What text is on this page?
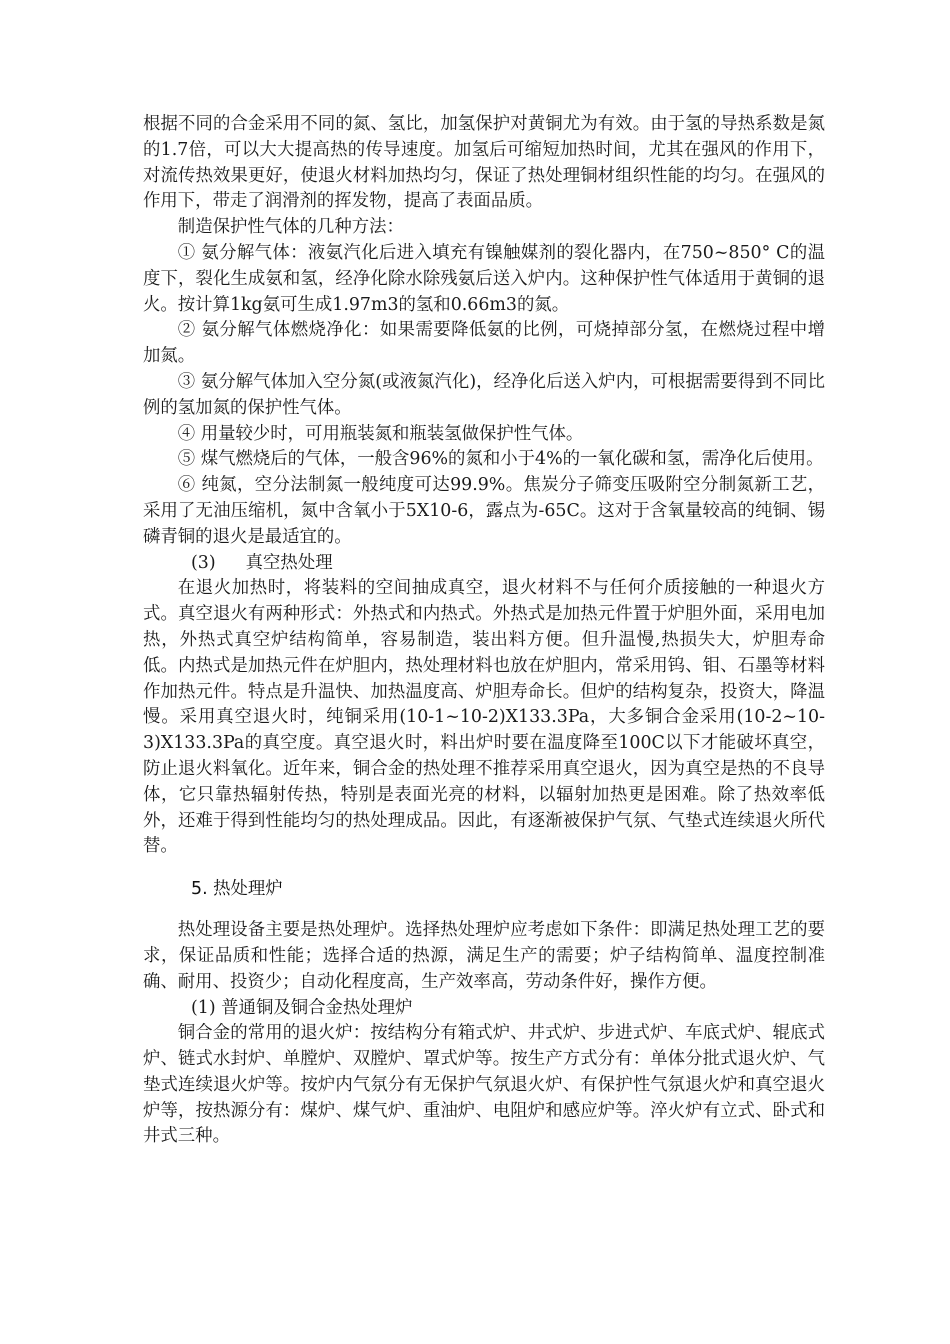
根据不同的合金采用不同的氮、氢比，加氢保护对黄铜尤为有效。由于氢的导热系数是氮的1.7倍，可以大大提高热的传导速度。加氢后可缩短加热时间，尤其在强风的作用下，对流传热效果更好，使退火材料加热均匀，保证了热处理铜材组织性能的均匀。在强风的作用下，带走了润滑剂的挥发物，提高了表面品质。

制造保护性气体的几种方法：

① 氨分解气体：液氨汽化后进入填充有镍触媒剂的裂化器内，在750~850° C的温度下，裂化生成氨和氢，经净化除水除残氨后送入炉内。这种保护性气体适用于黄铜的退火。按计算1kg氨可生成1.97m3的氢和0.66m3的氮。

② 氨分解气体燃烧净化：如果需要降低氨的比例，可烧掉部分氢，在燃烧过程中增加氮。

③ 氨分解气体加入空分氮(或液氮汽化)，经净化后送入炉内，可根据需要得到不同比例的氢加氮的保护性气体。

④ 用量较少时，可用瓶装氮和瓶装氢做保护性气体。

⑤ 煤气燃烧后的气体，一般含96%的氮和小于4%的一氧化碳和氢，需净化后使用。

⑥ 纯氮，空分法制氮一般纯度可达99.9%。焦炭分子筛变压吸附空分制氮新工艺，采用了无油压缩机，氮中含氧小于5X10-6，露点为-65C。这对于含氧量较高的纯铜、锡磷青铜的退火是最适宜的。

(3) 真空热处理

在退火加热时，将装料的空间抽成真空，退火材料不与任何介质接触的一种退火方式。真空退火有两种形式：外热式和内热式。外热式是加热元件置于炉胆外面，采用电加热，外热式真空炉结构简单，容易制造，装出料方便。但升温慢,热损失大，炉胆寿命低。内热式是加热元件在炉胆内，热处理材料也放在炉胆内，常采用钨、钼、石墨等材料作加热元件。特点是升温快、加热温度高、炉胆寿命长。但炉的结构复杂，投资大，降温慢。采用真空退火时，纯铜采用(10-1~10-2)X133.3Pa，大多铜合金采用(10-2~10-3)X133.3Pa的真空度。真空退火时，料出炉时要在温度降至100C以下才能破坏真空，防止退火料氧化。近年来，铜合金的热处理不推荐采用真空退火，因为真空是热的不良导体，它只靠热辐射传热，特别是表面光亮的材料，以辐射加热更是困难。除了热效率低外，还难于得到性能均匀的热处理成品。因此，有逐渐被保护气氛、气垫式连续退火所代替。

5. 热处理炉

热处理设备主要是热处理炉。选择热处理炉应考虑如下条件：即满足热处理工艺的要求，保证品质和性能；选择合适的热源，满足生产的需要；炉子结构简单、温度控制准确、耐用、投资少；自动化程度高，生产效率高，劳动条件好，操作方便。

(1) 普通铜及铜合金热处理炉

铜合金的常用的退火炉：按结构分有箱式炉、井式炉、步进式炉、车底式炉、辊底式炉、链式水封炉、单膛炉、双膛炉、罩式炉等。按生产方式分有：单体分批式退火炉、气垫式连续退火炉等。按炉内气氛分有无保护气氛退火炉、有保护性气氛退火炉和真空退火炉等，按热源分有：煤炉、煤气炉、重油炉、电阻炉和感应炉等。淬火炉有立式、卧式和井式三种。
